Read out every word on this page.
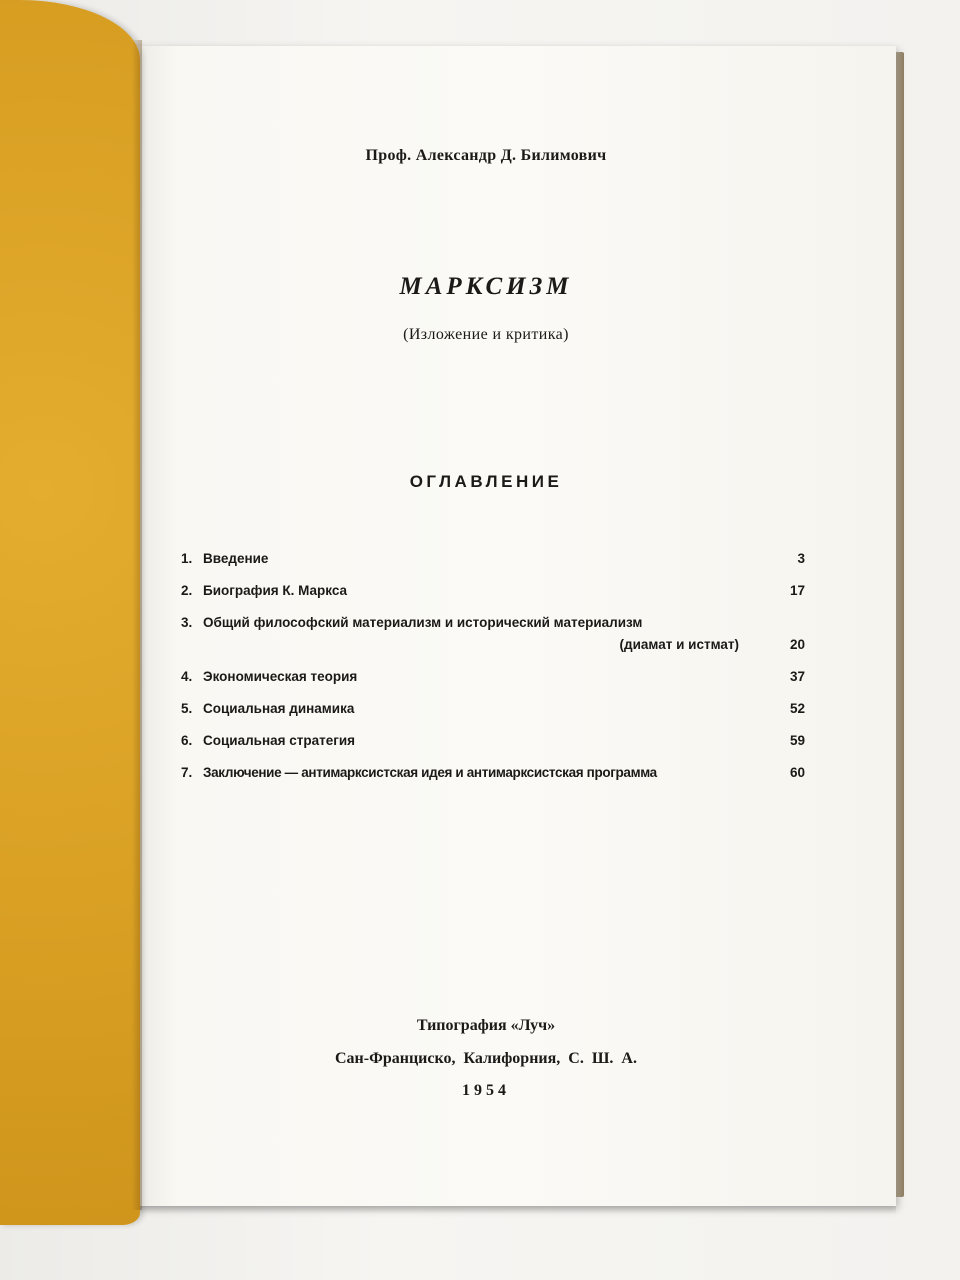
Проф. Александр Д. Билимович
МАРКСИЗМ
(Изложение и критика)
ОГЛАВЛЕНИЕ
1. Введение	3
2. Биография К. Маркса	17
3. Общий философский материализм и исторический материализм
(диамат и истмат)	20
4. Экономическая теория	37
5. Социальная динамика	52
6. Социальная стратегия	59
7. Заключение — антимарксистская идея и антимарксистская программа	60
Типография «Луч»
Сан-Франциско, Калифорния, С. Ш. А.
1954
